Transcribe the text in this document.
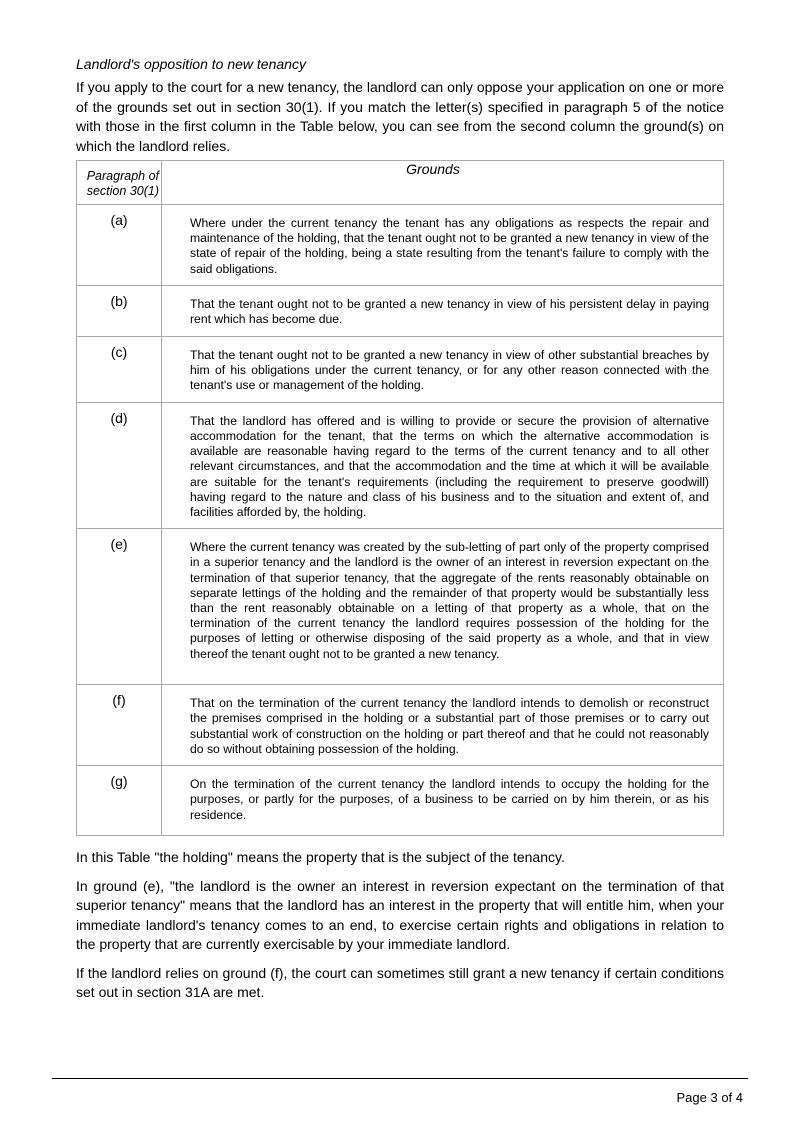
Landlord's opposition to new tenancy
If you apply to the court for a new tenancy, the landlord can only oppose your application on one or more of the grounds set out in section 30(1). If you match the letter(s) specified in paragraph 5 of the notice with those in the first column in the Table below, you can see from the second column the ground(s) on which the landlord relies.
Paragraph of section 30(1)	Grounds
(a)	Where under the current tenancy the tenant has any obligations as respects the repair and maintenance of the holding, that the tenant ought not to be granted a new tenancy in view of the state of repair of the holding, being a state resulting from the tenant's failure to comply with the said obligations.
(b)	That the tenant ought not to be granted a new tenancy in view of his persistent delay in paying rent which has become due.
(c)	That the tenant ought not to be granted a new tenancy in view of other substantial breaches by him of his obligations under the current tenancy, or for any other reason connected with the tenant's use or management of the holding.
(d)	That the landlord has offered and is willing to provide or secure the provision of alternative accommodation for the tenant, that the terms on which the alternative accommodation is available are reasonable having regard to the terms of the current tenancy and to all other relevant circumstances, and that the accommodation and the time at which it will be available are suitable for the tenant's requirements (including the requirement to preserve goodwill) having regard to the nature and class of his business and to the situation and extent of, and facilities afforded by, the holding.
(e)	Where the current tenancy was created by the sub-letting of part only of the property comprised in a superior tenancy and the landlord is the owner of an interest in reversion expectant on the termination of that superior tenancy, that the aggregate of the rents reasonably obtainable on separate lettings of the holding and the remainder of that property would be substantially less than the rent reasonably obtainable on a letting of that property as a whole, that on the termination of the current tenancy the landlord requires possession of the holding for the purposes of letting or otherwise disposing of the said property as a whole, and that in view thereof the tenant ought not to be granted a new tenancy.
(f)	That on the termination of the current tenancy the landlord intends to demolish or reconstruct the premises comprised in the holding or a substantial part of those premises or to carry out substantial work of construction on the holding or part thereof and that he could not reasonably do so without obtaining possession of the holding.
(g)	On the termination of the current tenancy the landlord intends to occupy the holding for the purposes, or partly for the purposes, of a business to be carried on by him therein, or as his residence.

In this Table "the holding" means the property that is the subject of the tenancy.

In ground (e), "the landlord is the owner an interest in reversion expectant on the termination of that superior tenancy" means that the landlord has an interest in the property that will entitle him, when your immediate landlord's tenancy comes to an end, to exercise certain rights and obligations in relation to the property that are currently exercisable by your immediate landlord.

If the landlord relies on ground (f), the court can sometimes still grant a new tenancy if certain conditions set out in section 31A are met.

Page 3 of 4
